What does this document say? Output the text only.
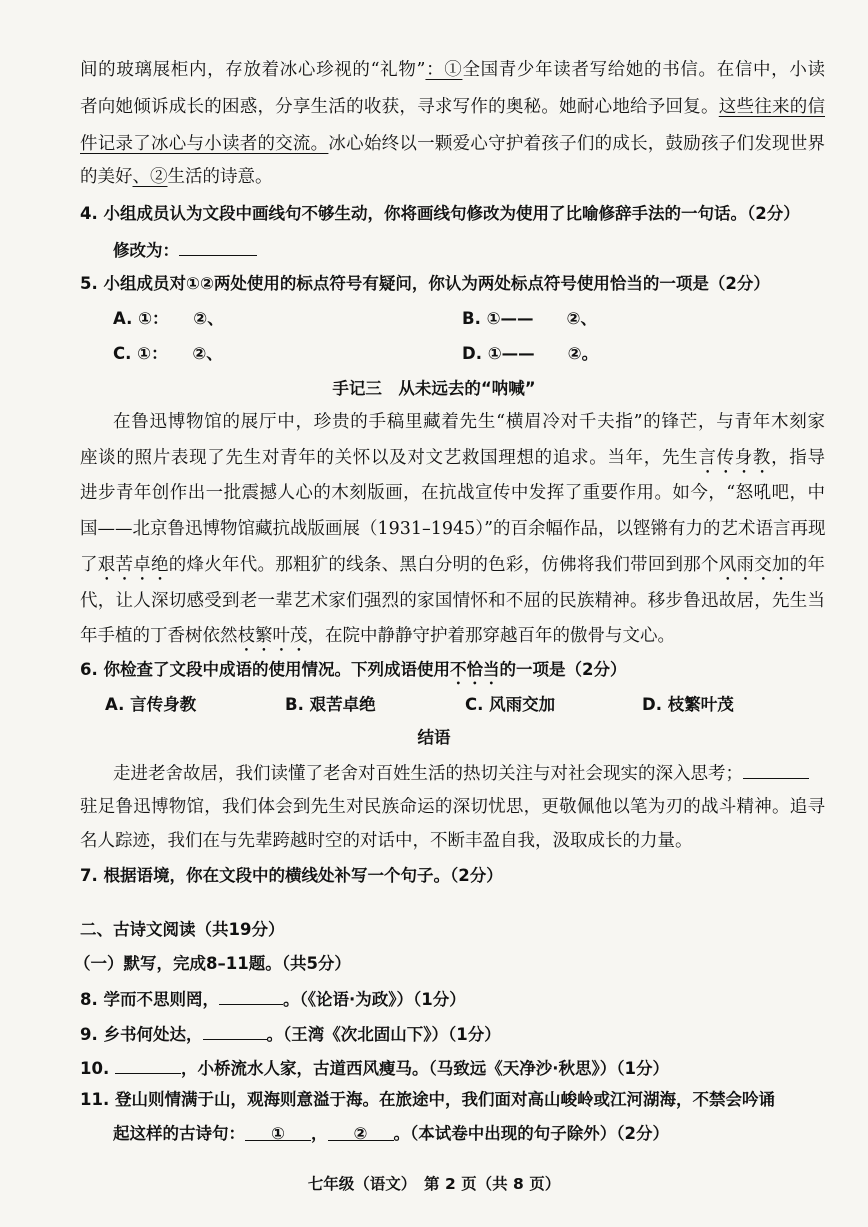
间的玻璃展柜内，存放着冰心珍视的“礼物”：①全国青少年读者写给她的书信。在信中，小读
者向她倾诉成长的困惑，分享生活的收获，寻求写作的奥秘。她耐心地给予回复。这些往来的信
件记录了冰心与小读者的交流。冰心始终以一颗爱心守护着孩子们的成长，鼓励孩子们发现世界
的美好、②生活的诗意。
4. 小组成员认为文段中画线句不够生动，你将画线句修改为使用了比喻修辞手法的一句话。（2分）
修改为：
5. 小组成员对①②两处使用的标点符号有疑问，你认为两处标点符号使用恰当的一项是（2分）
A. ①：　　②、	B. ①——　　②、
C. ①：　　②、	D. ①——　　②。
手记三　从未远去的“呐喊”
在鲁迅博物馆的展厅中，珍贵的手稿里藏着先生“横眉冷对千夫指”的锋芒，与青年木刻家
座谈的照片表现了先生对青年的关怀以及对文艺救国理想的追求。当年，先生言传身教，指导
进步青年创作出一批震撼人心的木刻版画，在抗战宣传中发挥了重要作用。如今，“怒吼吧，中
国——北京鲁迅博物馆藏抗战版画展（1931–1945）”的百余幅作品，以铿锵有力的艺术语言再现
了艰苦卓绝的烽火年代。那粗犷的线条、黑白分明的色彩，仿佛将我们带回到那个风雨交加的年
代，让人深切感受到老一辈艺术家们强烈的家国情怀和不屈的民族精神。移步鲁迅故居，先生当
年手植的丁香树依然枝繁叶茂，在院中静静守护着那穿越百年的傲骨与文心。
6. 你检查了文段中成语的使用情况。下列成语使用不恰当的一项是（2分）
A. 言传身教	B. 艰苦卓绝	C. 风雨交加	D. 枝繁叶茂
结语
走进老舍故居，我们读懂了老舍对百姓生活的热切关注与对社会现实的深入思考；
驻足鲁迅博物馆，我们体会到先生对民族命运的深切忧思，更敬佩他以笔为刃的战斗精神。追寻
名人踪迹，我们在与先辈跨越时空的对话中，不断丰盈自我，汲取成长的力量。
7. 根据语境，你在文段中的横线处补写一个句子。（2分）
二、古诗文阅读（共19分）
（一）默写，完成8–11题。（共5分）
8. 学而不思则罔，	。（《论语·为政》）（1分）
9. 乡书何处达，	。（王湾《次北固山下》）（1分）
10.	，小桥流水人家，古道西风瘦马。（马致远《天净沙·秋思》）（1分）
11. 登山则情满于山，观海则意溢于海。在旅途中，我们面对高山峻岭或江河湖海，不禁会吟诵
起这样的古诗句： ① ， ② 。（本试卷中出现的句子除外）（2分）
七年级（语文）　第 2 页（共 8 页）
